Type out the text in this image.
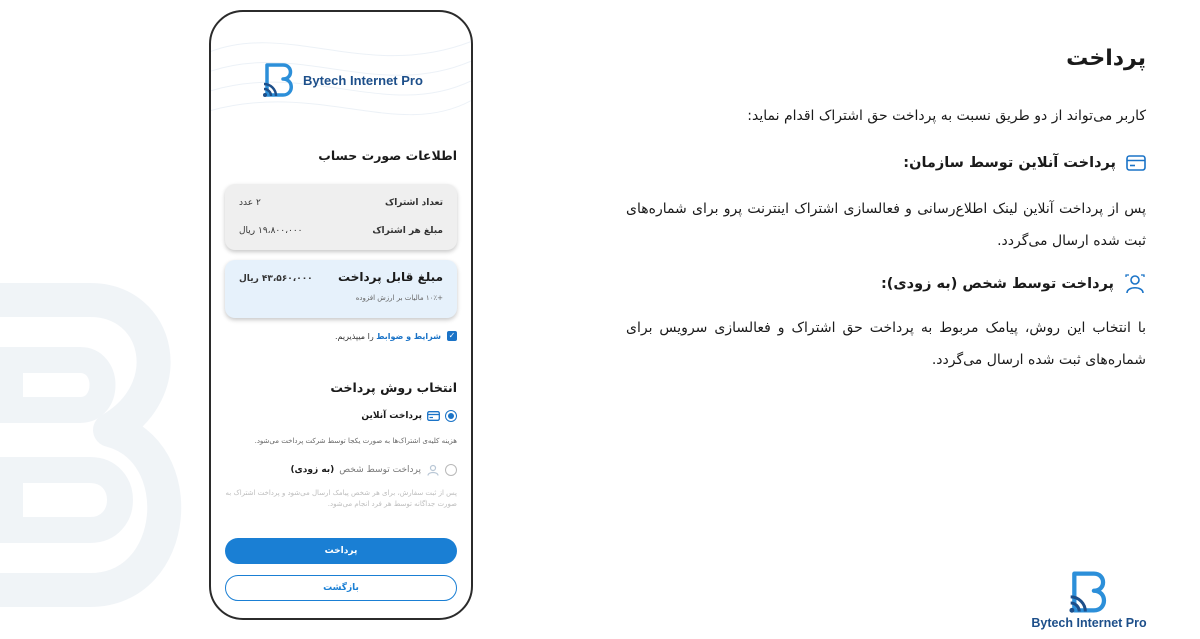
Bytech Internet Pro
اطلاعات صورت حساب
تعداد اشتراک
۲ عدد
مبلغ هر اشتراک
۱۹،۸۰۰،۰۰۰ ریال
مبلغ قابل پرداخت
+۱۰٪ مالیات بر ارزش افزوده
۴۳،۵۶۰،۰۰۰ ریال
✓
شرایط و ضوابط را میپذیریم.
انتخاب روش پرداخت
پرداخت آنلاین
هزینه کلیه‌ی اشتراک‌ها به صورت یکجا توسط شرکت پرداخت می‌شود.
پرداخت توسط شخص
(به زودی)
پس از ثبت سفارش، برای هر شخص پیامک ارسال می‌شود و پرداخت اشتراک به صورت جداگانه توسط هر فرد انجام می‌شود.
پرداخت
بازگشت
پرداخت
کاربر می‌تواند از دو طریق نسبت به پرداخت حق اشتراک اقدام نماید:
پرداخت آنلاین توسط سازمان:
پس از پرداخت آنلاین لینک اطلاع‌رسانی و فعالسازی اشتراک اینترنت پرو برای شماره‌های ثبت شده ارسال می‌گردد.
پرداخت توسط شخص (به زودی):
با انتخاب این روش، پیامک مربوط به پرداخت حق اشتراک و فعالسازی سرویس برای شماره‌های ثبت شده ارسال می‌گردد.
Bytech Internet Pro
